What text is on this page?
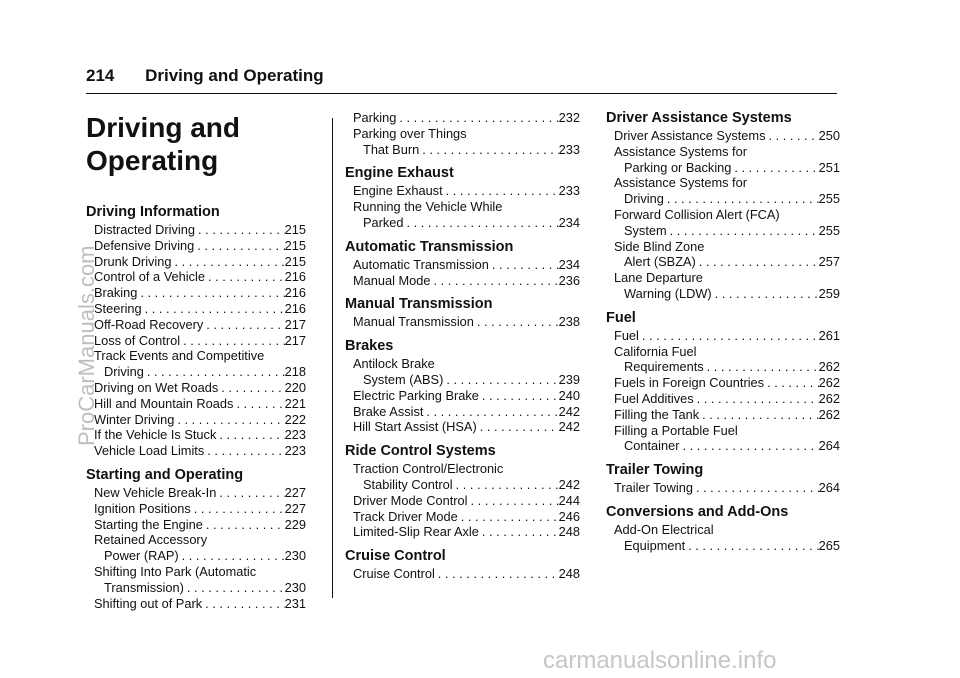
214 Driving and Operating
Driving and
Operating
Driving Information
Distracted Driving . . .	215
Defensive Driving . . .	215
Drunk Driving . . .	215
Control of a Vehicle . . .	216
Braking . . .	216
Steering . . .	216
Off-Road Recovery . . .	217
Loss of Control . . .	217
Track Events and Competitive
Driving . . .	218
Driving on Wet Roads . . .	220
Hill and Mountain Roads . . .	221
Winter Driving . . .	222
If the Vehicle Is Stuck . . .	223
Vehicle Load Limits . . .	223
Starting and Operating
New Vehicle Break-In . . .	227
Ignition Positions . . .	227
Starting the Engine . . .	229
Retained Accessory
Power (RAP) . . .	230
Shifting Into Park (Automatic
Transmission) . . .	230
Shifting out of Park . . .	231
Parking . . .	232
Parking over Things
That Burn . . .	233
Engine Exhaust
Engine Exhaust . . .	233
Running the Vehicle While
Parked . . .	234
Automatic Transmission
Automatic Transmission . . .	234
Manual Mode . . .	236
Manual Transmission
Manual Transmission . . .	238
Brakes
Antilock Brake
System (ABS) . . .	239
Electric Parking Brake . . .	240
Brake Assist . . .	242
Hill Start Assist (HSA) . . .	242
Ride Control Systems
Traction Control/Electronic
Stability Control . . .	242
Driver Mode Control . . .	244
Track Driver Mode . . .	246
Limited-Slip Rear Axle . . .	248
Cruise Control
Cruise Control . . .	248
Driver Assistance Systems
Driver Assistance Systems . . .	250
Assistance Systems for
Parking or Backing . . .	251
Assistance Systems for
Driving . . .	255
Forward Collision Alert (FCA)
System . . .	255
Side Blind Zone
Alert (SBZA) . . .	257
Lane Departure
Warning (LDW) . . .	259
Fuel
Fuel . . .	261
California Fuel
Requirements . . .	262
Fuels in Foreign Countries . . .	262
Fuel Additives . . .	262
Filling the Tank . . .	262
Filling a Portable Fuel
Container . . .	264
Trailer Towing
Trailer Towing . . .	264
Conversions and Add-Ons
Add-On Electrical
Equipment . . .	265
ProCarManuals.com
carmanualsonline.info
